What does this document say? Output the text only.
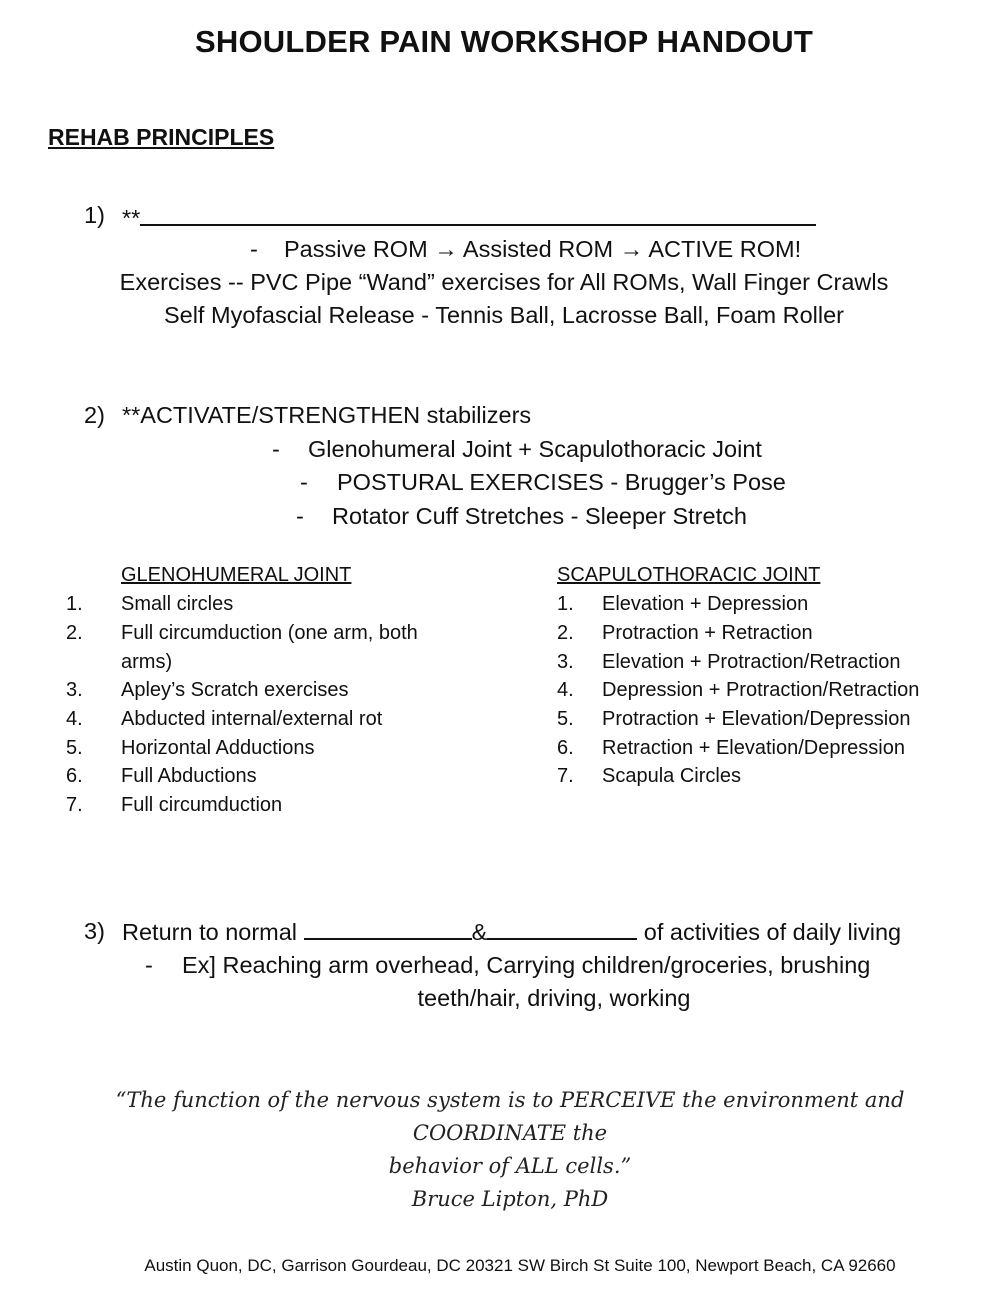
SHOULDER PAIN WORKSHOP HANDOUT
REHAB PRINCIPLES
1) **
- Passive ROM → Assisted ROM → ACTIVE ROM!
Exercises -- PVC Pipe “Wand” exercises for All ROMs, Wall Finger Crawls
Self Myofascial Release - Tennis Ball, Lacrosse Ball, Foam Roller
2) **ACTIVATE/STRENGTHEN stabilizers
- Glenohumeral Joint + Scapulothoracic Joint
- POSTURAL EXERCISES - Brugger’s Pose
- Rotator Cuff Stretches - Sleeper Stretch
GLENOHUMERAL JOINT
1. Small circles
2. Full circumduction (one arm, both
arms)
3. Apley’s Scratch exercises
4. Abducted internal/external rot
5. Horizontal Adductions
6. Full Abductions
7. Full circumduction
SCAPULOTHORACIC JOINT
1. Elevation + Depression
2. Protraction + Retraction
3. Elevation + Protraction/Retraction
4. Depression + Protraction/Retraction
5. Protraction + Elevation/Depression
6. Retraction + Elevation/Depression
7. Scapula Circles
3) Return to normal	&	of activities of daily living
- Ex] Reaching arm overhead, Carrying children/groceries, brushing
teeth/hair, driving, working
“The function of the nervous system is to PERCEIVE the environment and COORDINATE the
behavior of ALL cells.”
Bruce Lipton, PhD
Austin Quon, DC, Garrison Gourdeau, DC 20321 SW Birch St Suite 100, Newport Beach, CA 92660
